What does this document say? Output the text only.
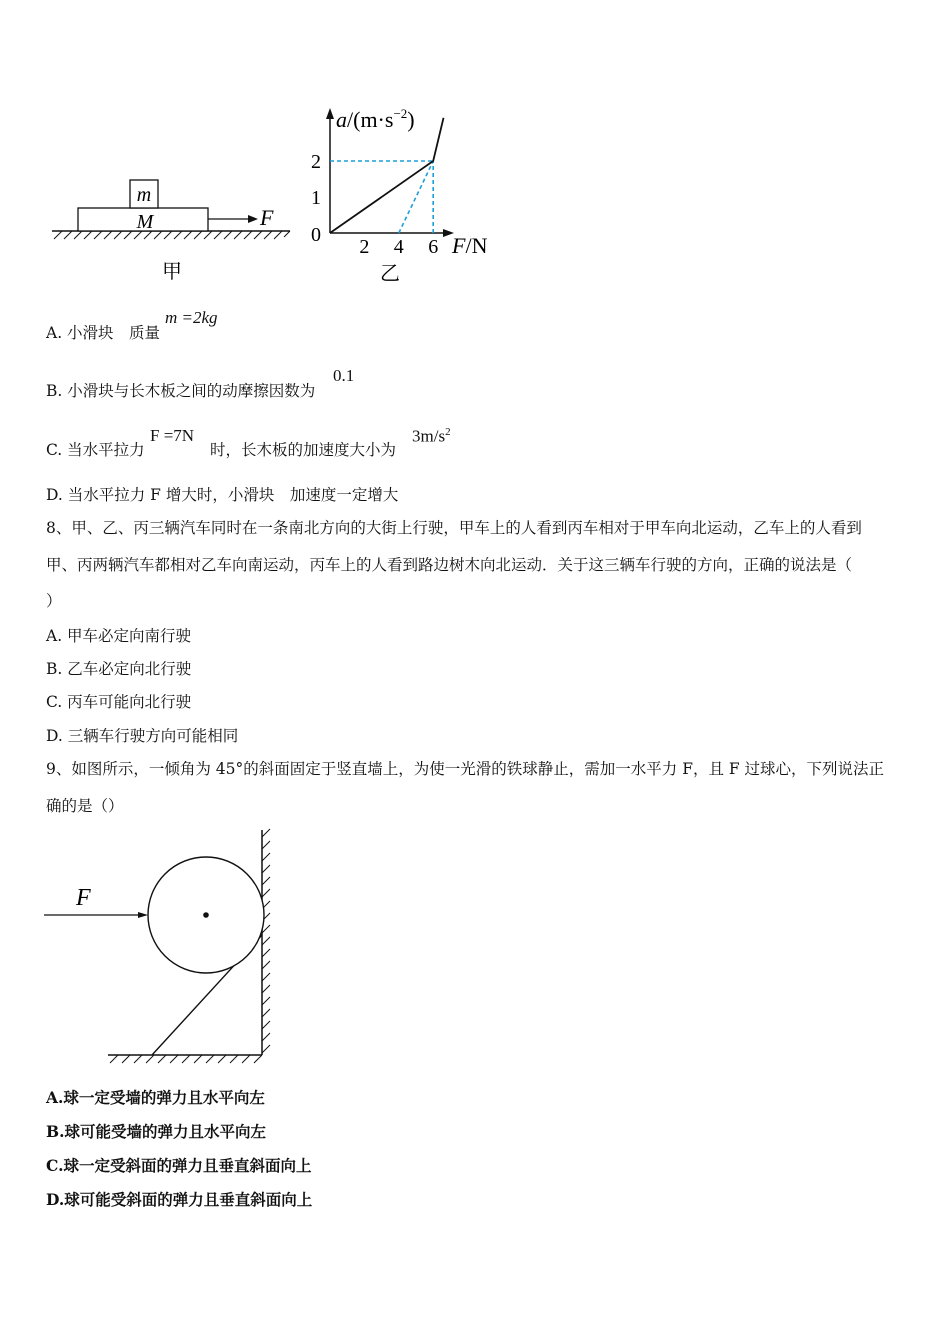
m
M	F
甲
$a/(m\cdot s^{-2})$
F/N
0
1
2
2 4 6
乙
A. 小滑块　质量
m =2kg
B. 小滑块与长木板之间的动摩擦因数为
0.1
C. 当水平拉力
F =7N
时，长木板的加速度大小为
$3m/s^2$
D. 当水平拉力 F 增大时，小滑块　加速度一定增大
8、甲、乙、丙三辆汽车同时在一条南北方向的大街上行驶，甲车上的人看到丙车相对于甲车向北运动，乙车上的人看到
甲、丙两辆汽车都相对乙车向南运动，丙车上的人看到路边树木向北运动．关于这三辆车行驶的方向，正确的说法是（
）
A. 甲车必定向南行驶
B. 乙车必定向北行驶
C. 丙车可能向北行驶
D. 三辆车行驶方向可能相同
9、如图所示，一倾角为 45°的斜面固定于竖直墙上，为使一光滑的铁球静止，需加一水平力 F，且 F 过球心，下列说法正
确的是（）
F
A.球一定受墙的弹力且水平向左
B.球可能受墙的弹力且水平向左
C.球一定受斜面的弹力且垂直斜面向上
D.球可能受斜面的弹力且垂直斜面向上
